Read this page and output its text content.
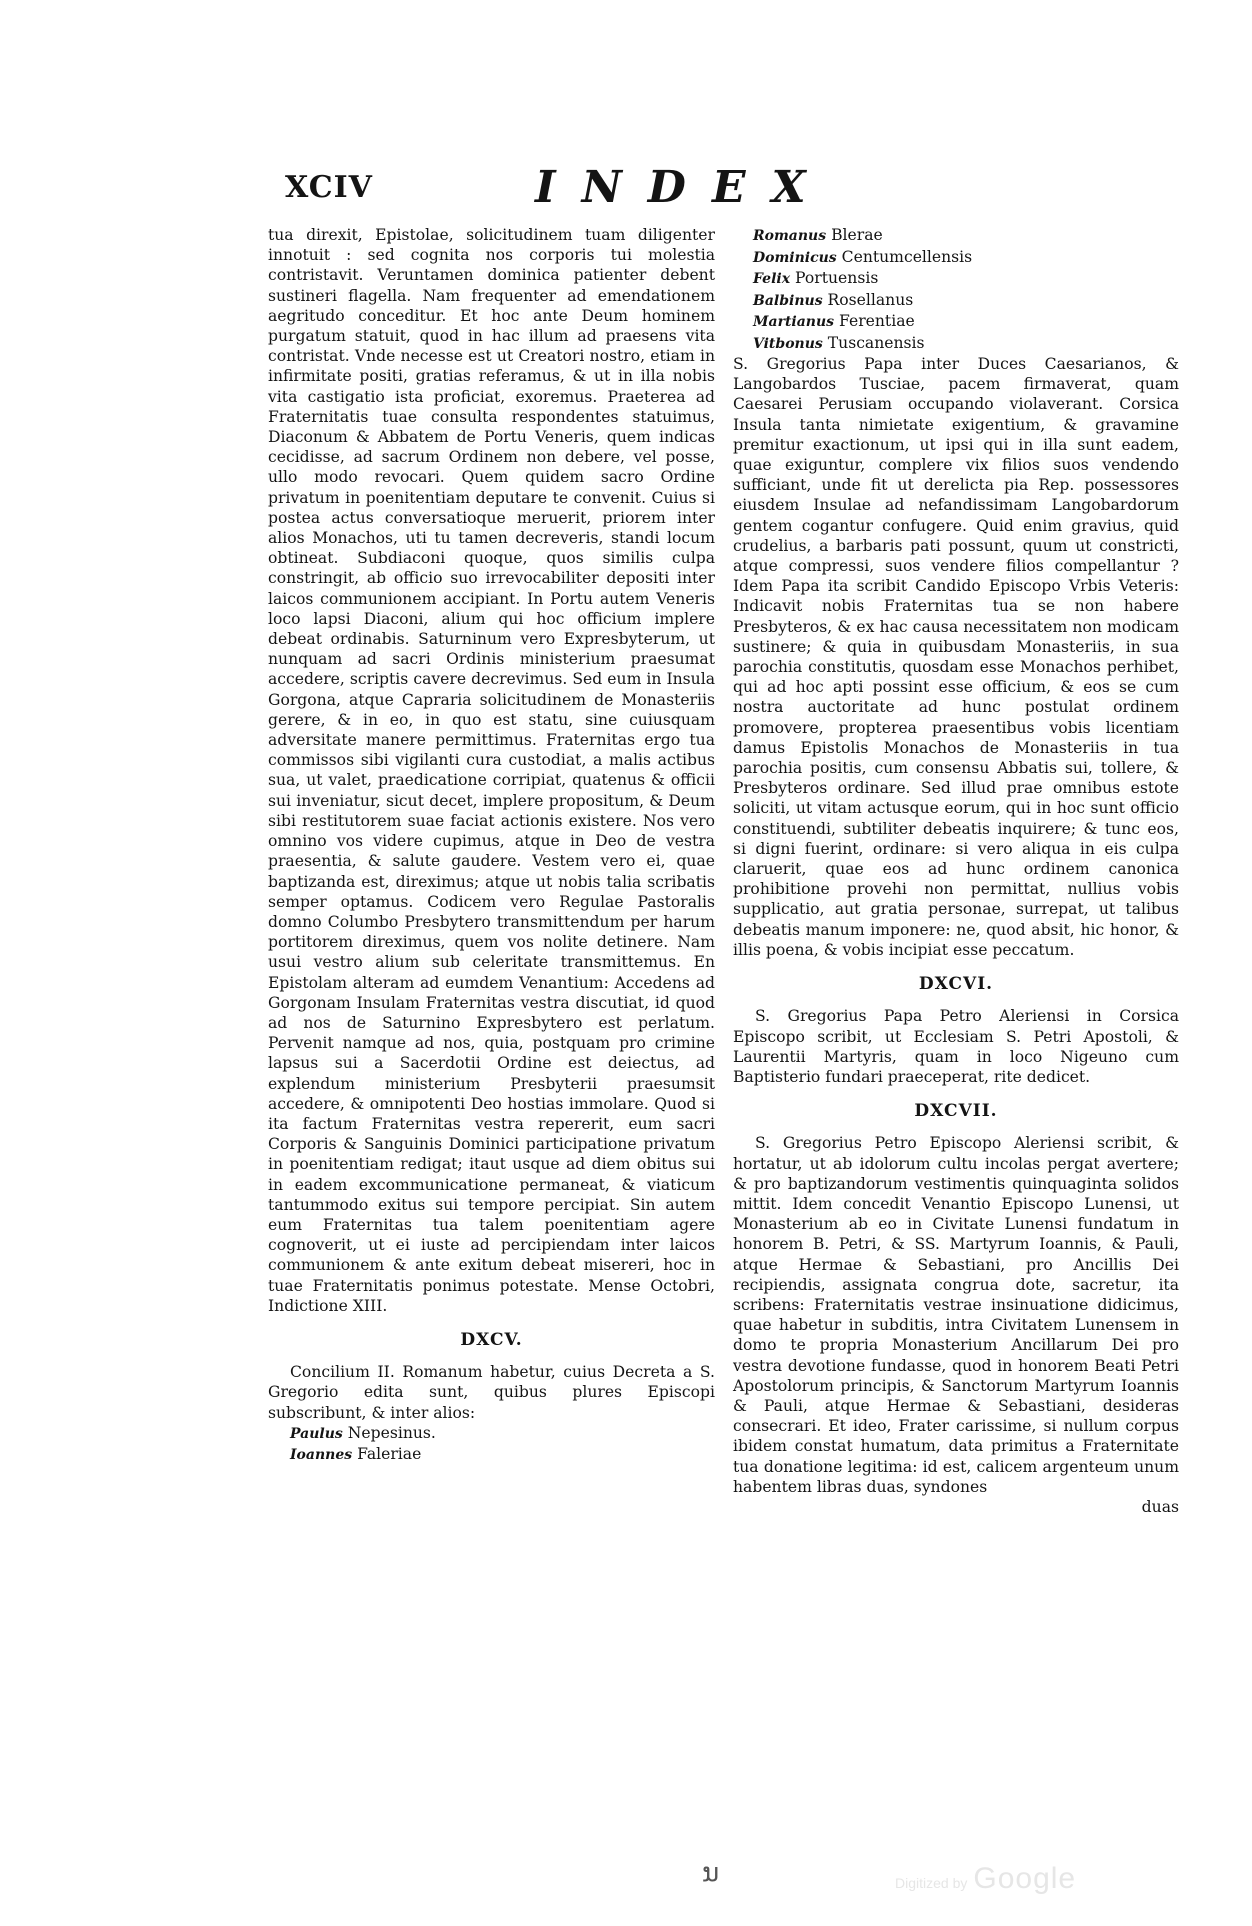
XCIV	INDEX

tua direxit, Epistolae, solicitudinem tuam diligenter innotuit : sed cognita nos corporis tui molestia contristavit. Veruntamen dominica patienter debent sustineri flagella. Nam frequenter ad emendationem aegritudo conceditur. Et hoc ante Deum hominem purgatum statuit, quod in hac illum ad praesens vita contristat. Vnde necesse est ut Creatori nostro, etiam in infirmitate positi, gratias referamus, & ut in illa nobis vita castigatio ista proficiat, exoremus. Praeterea ad Fraternitatis tuae consulta respondentes statuimus, Diaconum & Abbatem de Portu Veneris, quem indicas cecidisse, ad sacrum Ordinem non debere, vel posse, ullo modo revocari. Quem quidem sacro Ordine privatum in poenitentiam deputare te convenit. Cuius si postea actus conversatioque meruerit, priorem inter alios Monachos, uti tu tamen decreveris, standi locum obtineat. Subdiaconi quoque, quos similis culpa constringit, ab officio suo irrevocabiliter depositi inter laicos communionem accipiant. In Portu autem Veneris loco lapsi Diaconi, alium qui hoc officium implere debeat ordinabis. Saturninum vero Expresbyterum, ut nunquam ad sacri Ordinis ministerium praesumat accedere, scriptis cavere decrevimus. Sed eum in Insula Gorgona, atque Capraria solicitudinem de Monasteriis gerere, & in eo, in quo est statu, sine cuiusquam adversitate manere permittimus. Fraternitas ergo tua commissos sibi vigilanti cura custodiat, a malis actibus sua, ut valet, praedicatione corripiat, quatenus & officii sui inveniatur, sicut decet, implere propositum, & Deum sibi restitutorem suae faciat actionis existere. Nos vero omnino vos videre cupimus, atque in Deo de vestra praesentia, & salute gaudere. Vestem vero ei, quae baptizanda est, direximus; atque ut nobis talia scribatis semper optamus. Codicem vero Regulae Pastoralis domno Columbo Presbytero transmittendum per harum portitorem direximus, quem vos nolite detinere. Nam usui vestro alium sub celeritate transmittemus. En Epistolam alteram ad eumdem Venantium: Accedens ad Gorgonam Insulam Fraternitas vestra discutiat, id quod ad nos de Saturnino Expresbytero est perlatum. Pervenit namque ad nos, quia, postquam pro crimine lapsus sui a Sacerdotii Ordine est deiectus, ad explendum ministerium Presbyterii praesumsit accedere, & omnipotenti Deo hostias immolare. Quod si ita factum Fraternitas vestra repererit, eum sacri Corporis & Sanguinis Dominici participatione privatum in poenitentiam redigat; itaut usque ad diem obitus sui in eadem excommunicatione permaneat, & viaticum tantummodo exitus sui tempore percipiat. Sin autem eum Fraternitas tua talem poenitentiam agere cognoverit, ut ei iuste ad percipiendam inter laicos communionem & ante exitum debeat misereri, hoc in tuae Fraternitatis ponimus potestate. Mense Octobri, Indictione XIII.

DXCV.

Concilium II. Romanum habetur, cuius Decreta a S. Gregorio edita sunt, quibus plures Episcopi subscribunt, & inter alios:

Paulus Nepesinus.
Ioannes Faleriae
Romanus Blerae
Dominicus Centumcellensis
Felix Portuensis
Balbinus Rosellanus
Martianus Ferentiae
Vitbonus Tuscanensis

S. Gregorius Papa inter Duces Caesarianos, & Langobardos Tusciae, pacem firmaverat, quam Caesarei Perusiam occupando violaverant. Corsica Insula tanta nimietate exigentium, & gravamine premitur exactionum, ut ipsi qui in illa sunt eadem, quae exiguntur, complere vix filios suos vendendo sufficiant, unde fit ut derelicta pia Rep. possessores eiusdem Insulae ad nefandissimam Langobardorum gentem cogantur confugere. Quid enim gravius, quid crudelius, a barbaris pati possunt, quum ut constricti, atque compressi, suos vendere filios compellantur ? Idem Papa ita scribit Candido Episcopo Vrbis Veteris: Indicavit nobis Fraternitas tua se non habere Presbyteros, & ex hac causa necessitatem non modicam sustinere; & quia in quibusdam Monasteriis, in sua parochia constitutis, quosdam esse Monachos perhibet, qui ad hoc apti possint esse officium, & eos se cum nostra auctoritate ad hunc postulat ordinem promovere, propterea praesentibus vobis licentiam damus Epistolis Monachos de Monasteriis in tua parochia positis, cum consensu Abbatis sui, tollere, & Presbyteros ordinare. Sed illud prae omnibus estote soliciti, ut vitam actusque eorum, qui in hoc sunt officio constituendi, subtiliter debeatis inquirere; & tunc eos, si digni fuerint, ordinare: si vero aliqua in eis culpa claruerit, quae eos ad hunc ordinem canonica prohibitione provehi non permittat, nullius vobis supplicatio, aut gratia personae, surrepat, ut talibus debeatis manum imponere: ne, quod absit, hic honor, & illis poena, & vobis incipiat esse peccatum.

DXCVI.

S. Gregorius Papa Petro Aleriensi in Corsica Episcopo scribit, ut Ecclesiam S. Petri Apostoli, & Laurentii Martyris, quam in loco Nigeuno cum Baptisterio fundari praeceperat, rite dedicet.

DXCVII.

S. Gregorius Petro Episcopo Aleriensi scribit, & hortatur, ut ab idolorum cultu incolas pergat avertere; & pro baptizandorum vestimentis quinquaginta solidos mittit. Idem concedit Venantio Episcopo Lunensi, ut Monasterium ab eo in Civitate Lunensi fundatum in honorem B. Petri, & SS. Martyrum Ioannis, & Pauli, atque Hermae & Sebastiani, pro Ancillis Dei recipiendis, assignata congrua dote, sacretur, ita scribens: Fraternitatis vestrae insinuatione didicimus, quae habetur in subditis, intra Civitatem Lunensem in domo te propria Monasterium Ancillarum Dei pro vestra devotione fundasse, quod in honorem Beati Petri Apostolorum principis, & Sanctorum Martyrum Ioannis & Pauli, atque Hermae & Sebastiani, desideras consecrari. Et ideo, Frater carissime, si nullum corpus ibidem constat humatum, data primitus a Fraternitate tua donatione legitima: id est, calicem argenteum unum habentem libras duas, syndones

duas
ນ	Digitized by Google
